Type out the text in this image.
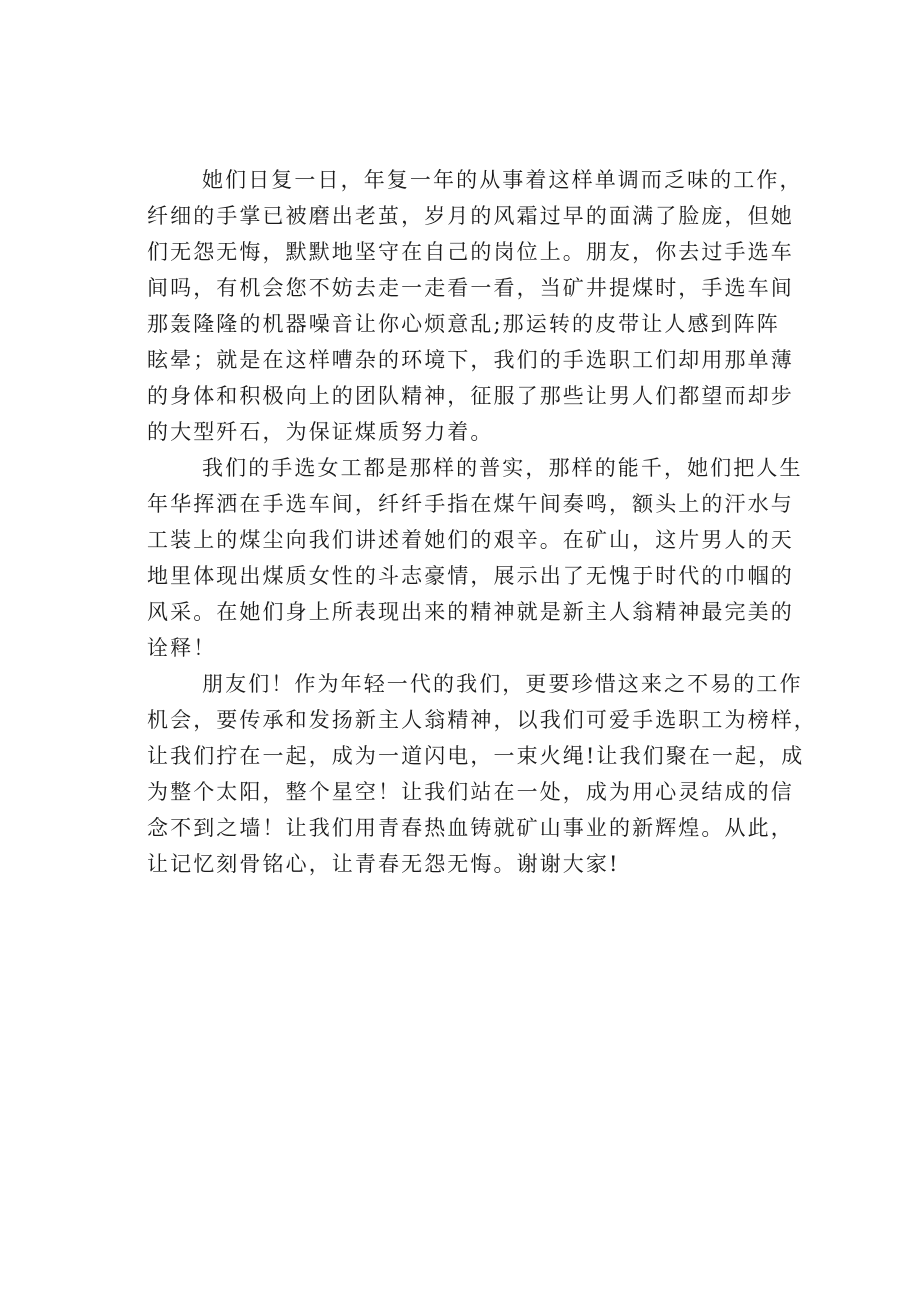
她们日复一日，年复一年的从事着这样单调而乏味的工作，
纤细的手掌已被磨出老茧，岁月的风霜过早的面满了脸庞，但她
们无怨无悔，默默地坚守在自己的岗位上。朋友，你去过手选车
间吗，有机会您不妨去走一走看一看，当矿井提煤时，手选车间
那轰隆隆的机器噪音让你心烦意乱;那运转的皮带让人感到阵阵
眩晕；就是在这样嘈杂的环境下，我们的手选职工们却用那单薄
的身体和积极向上的团队精神，征服了那些让男人们都望而却步
的大型歼石，为保证煤质努力着。
我们的手选女工都是那样的普实，那样的能千，她们把人生
年华挥洒在手选车间，纤纤手指在煤午间奏鸣，额头上的汗水与
工装上的煤尘向我们讲述着她们的艰辛。在矿山，这片男人的天
地里体现出煤质女性的斗志豪情，展示出了无愧于时代的巾帼的
风采。在她们身上所表现出来的精神就是新主人翁精神最完美的
诠释！
朋友们！作为年轻一代的我们，更要珍惜这来之不易的工作
机会，要传承和发扬新主人翁精神，以我们可爱手选职工为榜样，
让我们拧在一起，成为一道闪电，一束火绳!让我们聚在一起，成
为整个太阳，整个星空！让我们站在一处，成为用心灵结成的信
念不到之墙！让我们用青春热血铸就矿山事业的新辉煌。从此，
让记忆刻骨铭心，让青春无怨无悔。谢谢大家!
